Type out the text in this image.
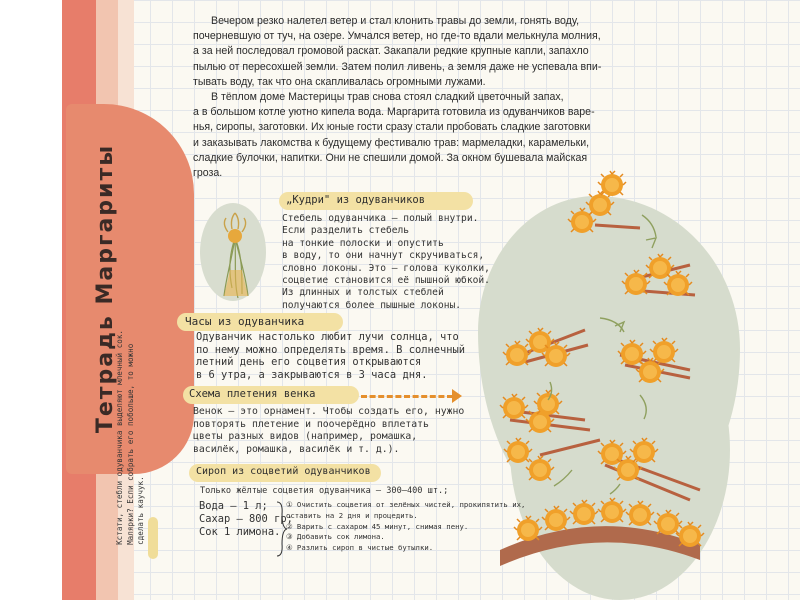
Тетрадь Маргариты

Вечером резко налетел ветер и стал клонить травы до земли, гонять воду,
почерневшую от туч, на озере. Умчался ветер, но где-то вдали мелькнула молния,
а за ней последовал громовой раскат. Закапали редкие крупные капли, запахло
пылью от пересохшей земли. Затем полил ливень, а земля даже не успевала впи-
тывать воду, так что она скапливалась огромными лужами.

В тёплом доме Мастерицы трав снова стоял сладкий цветочный запах,
а в большом котле уютно кипела вода. Маргарита готовила из одуванчиков варе-
нья, сиропы, заготовки. Их юные гости сразу стали пробовать сладкие заготовки
и заказывать лакомства к будущему фестивалю трав: мармеладки, карамельки,
сладкие булочки, напитки. Они не спешили домой. За окном бушевала майская
гроза.

„Кудри" из одуванчиков
Стебель одуванчика – полый внутри.
Если разделить стебель
на тонкие полоски и опустить
в воду, то они начнут скручиваться,
словно локоны. Это – голова куколки,
соцветие становится её пышной юбкой.
Из длинных и толстых стеблей
получаются более пышные локоны.
Часы из одуванчика
Одуванчик настолько любит лучи солнца, что
по нему можно определять время. В солнечный
летний день его соцветия открываются
в 6 утра, а закрываются в 3 часа дня.
Схема плетения венка
Венок – это орнамент. Чтобы создать его, нужно
повторять плетение и поочерёдно вплетать
цветы разных видов (например, ромашка,
василёк, ромашка, василёк и т. д.).
Сироп из соцветий одуванчиков
Только жёлтые соцветия одуванчика – 300–400 шт.;
Вода – 1 л;
Сахар – 800 гр;
Сок 1 лимона.
① Очистить соцветия от зелёных чистей, прокипятить их,
оставить на 2 дня и процедить.
② Варить с сахаром 45 минут, снимая пену.
③ Добавить сок лимона.
④ Разлить сироп в чистые бутылки.
Кстати, стебли одуванчика выделяют млечный сок. Малярки? Если собрать его побольше, то можно сделать каучук.
